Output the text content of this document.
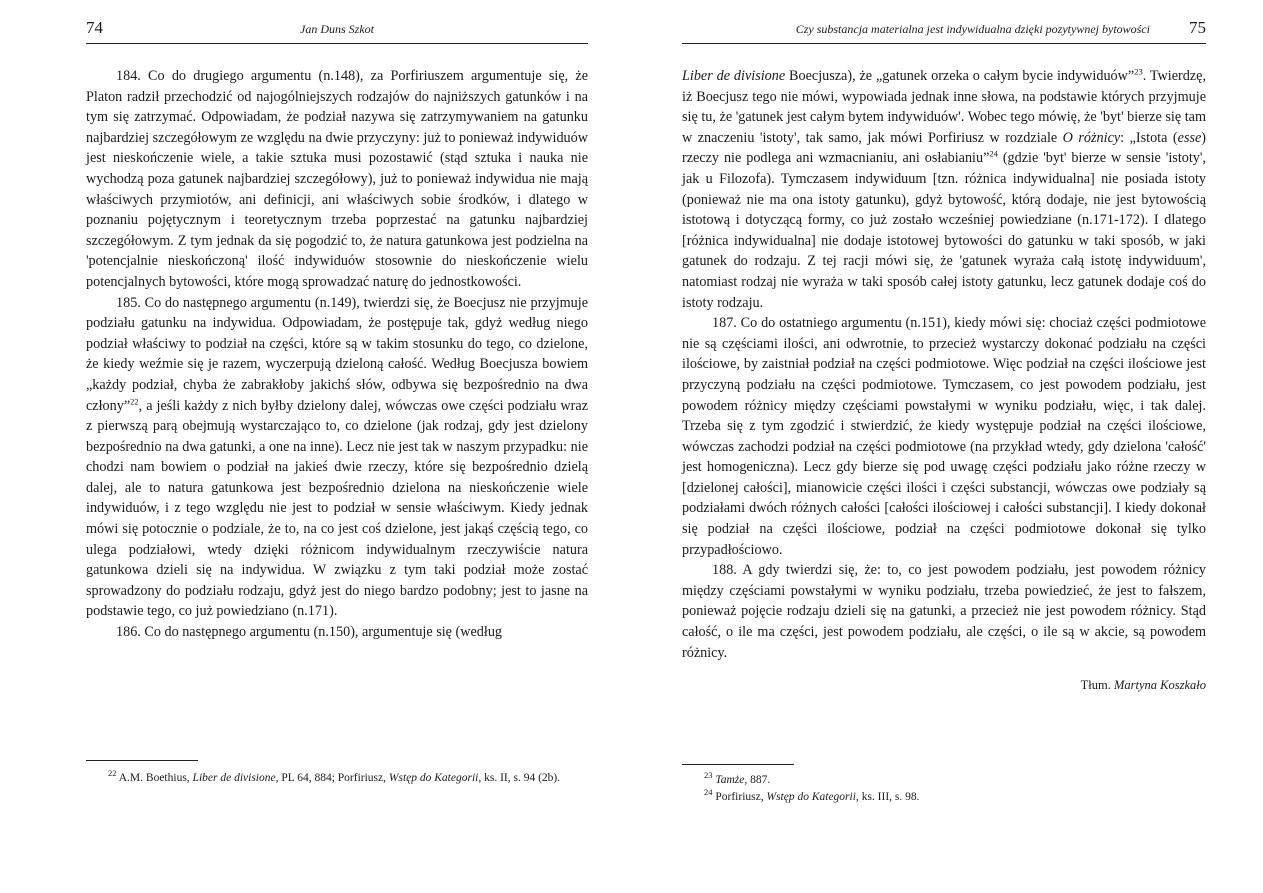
74	Jan Duns Szkot

184. Co do drugiego argumentu (n.148), za Porfiriuszem argumentuje się, że Platon radził przechodzić od najogólniejszych rodzajów do najniższych gatunków i na tym się zatrzymać. Odpowiadam, że podział nazywa się zatrzymywaniem na gatunku najbardziej szczegółowym ze względu na dwie przyczyny: już to ponieważ indywiduów jest nieskończenie wiele, a takie sztuka musi pozostawić (stąd sztuka i nauka nie wychodzą poza gatunek najbardziej szczegółowy), już to ponieważ indywidua nie mają właściwych przymiotów, ani definicji, ani właściwych sobie środków, i dlatego w poznaniu pojętycznym i teoretycznym trzeba poprzestać na gatunku najbardziej szczegółowym. Z tym jednak da się pogodzić to, że natura gatunkowa jest podzielna na 'potencjalnie nieskończoną' ilość indywiduów stosownie do nieskończenie wielu potencjalnych bytowości, które mogą sprowadzać naturę do jednostkowości.

185. Co do następnego argumentu (n.149), twierdzi się, że Boecjusz nie przyjmuje podziału gatunku na indywidua. Odpowiadam, że postępuje tak, gdyż według niego podział właściwy to podział na części, które są w takim stosunku do tego, co dzielone, że kiedy weźmie się je razem, wyczerpują dzieloną całość. Według Boecjusza bowiem „każdy podział, chyba że zabrakłoby jakichś słów, odbywa się bezpośrednio na dwa człony”$^{22}$, a jeśli każdy z nich byłby dzielony dalej, wówczas owe części podziału wraz z pierwszą parą obejmują wystarczająco to, co dzielone (jak rodzaj, gdy jest dzielony bezpośrednio na dwa gatunki, a one na inne). Lecz nie jest tak w naszym przypadku: nie chodzi nam bowiem o podział na jakieś dwie rzeczy, które się bezpośrednio dzielą dalej, ale to natura gatunkowa jest bezpośrednio dzielona na nieskończenie wiele indywiduów, i z tego względu nie jest to podział w sensie właściwym. Kiedy jednak mówi się potocznie o podziale, że to, na co jest coś dzielone, jest jakąś częścią tego, co ulega podziałowi, wtedy dzięki różnicom indywidualnym rzeczywiście natura gatunkowa dzieli się na indywidua. W związku z tym taki podział może zostać sprowadzony do podziału rodzaju, gdyż jest do niego bardzo podobny; jest to jasne na podstawie tego, co już powiedziano (n.171).

186. Co do następnego argumentu (n.150), argumentuje się (według

$^{22}$ A.M. Boethius, Liber de divisione, PL 64, 884; Porfiriusz, Wstęp do Kategorii, ks. II, s. 94 (2b).

Czy substancja materialna jest indywidualna dzięki pozytywnej bytowości 75

Liber de divisione Boecjusza), że „gatunek orzeka o całym bycie indywiduów”$^{23}$. Twierdzę, iż Boecjusz tego nie mówi, wypowiada jednak inne słowa, na podstawie których przyjmuje się tu, że 'gatunek jest całym bytem indywiduów'. Wobec tego mówię, że 'byt' bierze się tam w znaczeniu 'istoty', tak samo, jak mówi Porfiriusz w rozdziale O różnicy: „Istota (esse) rzeczy nie podlega ani wzmacnianiu, ani osłabianiu”$^{24}$ (gdzie 'byt' bierze w sensie 'istoty', jak u Filozofa). Tymczasem indywiduum [tzn. różnica indywidualna] nie posiada istoty (ponieważ nie ma ona istoty gatunku), gdyż bytowość, którą dodaje, nie jest bytowością istotową i dotyczącą formy, co już zostało wcześniej powiedziane (n.171-172). I dlatego [różnica indywidualna] nie dodaje istotowej bytowości do gatunku w taki sposób, w jaki gatunek do rodzaju. Z tej racji mówi się, że 'gatunek wyraża całą istotę indywiduum', natomiast rodzaj nie wyraża w taki sposób całej istoty gatunku, lecz gatunek dodaje coś do istoty rodzaju.

187. Co do ostatniego argumentu (n.151), kiedy mówi się: chociaż części podmiotowe nie są częściami ilości, ani odwrotnie, to przecież wystarczy dokonać podziału na części ilościowe, by zaistniał podział na części podmiotowe. Więc podział na części ilościowe jest przyczyną podziału na części podmiotowe. Tymczasem, co jest powodem podziału, jest powodem różnicy między częściami powstałymi w wyniku podziału, więc, i tak dalej. Trzeba się z tym zgodzić i stwierdzić, że kiedy występuje podział na części ilościowe, wówczas zachodzi podział na części podmiotowe (na przykład wtedy, gdy dzielona 'całość' jest homogeniczna). Lecz gdy bierze się pod uwagę części podziału jako różne rzeczy w [dzielonej całości], mianowicie części ilości i części substancji, wówczas owe podziały są podziałami dwóch różnych całości [całości ilościowej i całości substancji]. I kiedy dokonał się podział na części ilościowe, podział na części podmiotowe dokonał się tylko przypadłościowo.

188. A gdy twierdzi się, że: to, co jest powodem podziału, jest powodem różnicy między częściami powstałymi w wyniku podziału, trzeba powiedzieć, że jest to fałszem, ponieważ pojęcie rodzaju dzieli się na gatunki, a przecież nie jest powodem różnicy. Stąd całość, o ile ma części, jest powodem podziału, ale części, o ile są w akcie, są powodem różnicy.

Tłum. Martyna Koszkało

$^{23}$ Tamże, 887.

$^{24}$ Porfiriusz, Wstęp do Kategorii, ks. III, s. 98.
